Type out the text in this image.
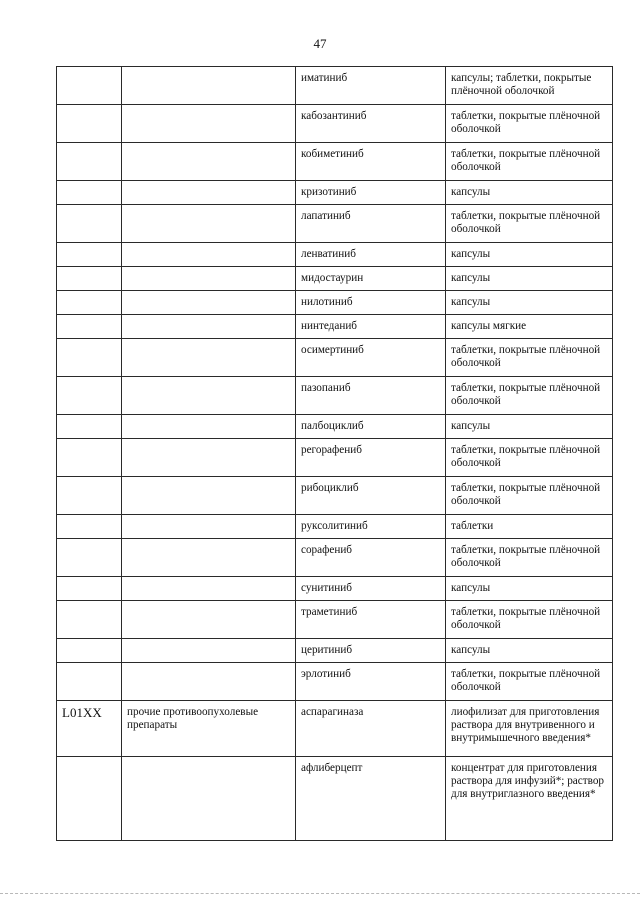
47
		иматиниб	капсулы; таблетки, покрытые плёночной оболочкой
		кабозантиниб	таблетки, покрытые плёночной оболочкой
		кобиметиниб	таблетки, покрытые плёночной оболочкой
		кризотиниб	капсулы
		лапатиниб	таблетки, покрытые плёночной оболочкой
		ленватиниб	капсулы
		мидостаурин	капсулы
		нилотиниб	капсулы
		нинтеданиб	капсулы мягкие
		осимертиниб	таблетки, покрытые плёночной оболочкой
		пазопаниб	таблетки, покрытые плёночной оболочкой
		палбоциклиб	капсулы
		регорафениб	таблетки, покрытые плёночной оболочкой
		рибоциклиб	таблетки, покрытые плёночной оболочкой
		руксолитиниб	таблетки
		сорафениб	таблетки, покрытые плёночной оболочкой
		сунитиниб	капсулы
		траметиниб	таблетки, покрытые плёночной оболочкой
		церитиниб	капсулы
		эрлотиниб	таблетки, покрытые плёночной оболочкой
L01XX	прочие противоопухолевые препараты	аспарагиназа	лиофилизат для приготовления раствора для внутривенного и внутримышечного введения*
		афлиберцепт	концентрат для приготовления раствора для инфузий*; раствор для внутриглазного введения*
